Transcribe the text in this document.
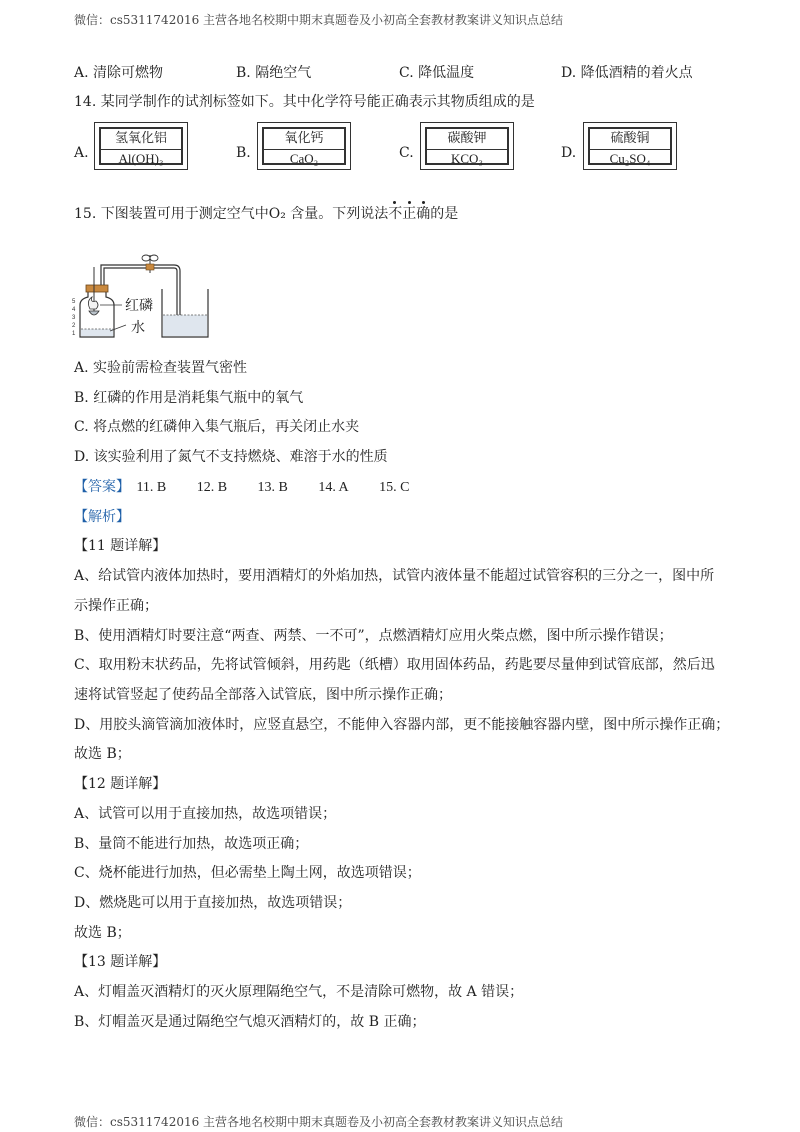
微信：cs5311742016 主营各地名校期中期末真题卷及小初高全套教材教案讲义知识点总结
A. 清除可燃物	B. 隔绝空气	C. 降低温度	D. 降低酒精的着火点
14. 某同学制作的试剂标签如下。其中化学符号能正确表示其物质组成的是
A.
氢氧化铝
Al(OH)₃	B.
氧化钙
CaO₂	C.
碳酸钾
KCO₃	D.
硫酸铜
Cu₂SO₄
15. 下图装置可用于测定空气中O₂ 含量。下列说法不正确
的是
5
4
3
2
1
红磷
水
A. 实验前需检查装置气密性
B. 红磷的作用是消耗集气瓶中的氧气
C. 将点燃的红磷伸入集气瓶后，再关闭止水夹
D. 该实验利用了氮气不支持燃烧、难溶于水的性质
【答案】 11. B 12. B 13. B 14. A 15. C
【解析】
【11 题详解】
A、给试管内液体加热时，要用酒精灯的外焰加热，试管内液体量不能超过试管容积的三分之一，图中所
示操作正确；
B、使用酒精灯时要注意“两查、两禁、一不可”，点燃酒精灯应用火柴点燃，图中所示操作错误；
C、取用粉末状药品，先将试管倾斜，用药匙（纸槽）取用固体药品，药匙要尽量伸到试管底部，然后迅
速将试管竖起了使药品全部落入试管底，图中所示操作正确；
D、用胶头滴管滴加液体时，应竖直悬空，不能伸入容器内部，更不能接触容器内壁，图中所示操作正确；
故选 B；
【12 题详解】
A、试管可以用于直接加热，故选项错误；
B、量筒不能进行加热，故选项正确；
C、烧杯能进行加热，但必需垫上陶土网，故选项错误；
D、燃烧匙可以用于直接加热，故选项错误；
故选 B；
【13 题详解】
A、灯帽盖灭酒精灯的灭火原理隔绝空气，不是清除可燃物，故 A 错误；
B、灯帽盖灭是通过隔绝空气熄灭酒精灯的，故 B 正确；
微信：cs5311742016 主营各地名校期中期末真题卷及小初高全套教材教案讲义知识点总结
